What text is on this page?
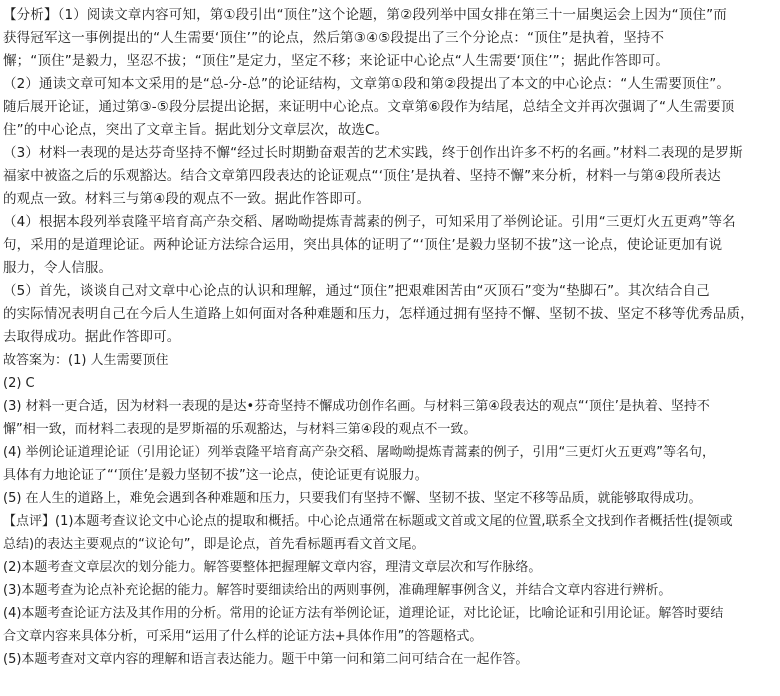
【分析】（1）阅读文章内容可知，第①段引出“顶住”这个论题，第②段列举中国女排在第三十一届奥运会上因为“顶住”而
获得冠军这一事例提出的“人生需要‘顶住’”的论点，然后第③④⑤段提出了三个分论点：“顶住”是执着，坚持不
懈；“顶住”是毅力，坚忍不拔；“顶住”是定力，坚定不移；来论证中心论点“人生需要‘顶住’”；据此作答即可。
（2）通读文章可知本文采用的是“总-分-总”的论证结构，文章第①段和第②段提出了本文的中心论点：“人生需要顶住”。
随后展开论证，通过第③-⑤段分层提出论据，来证明中心论点。文章第⑥段作为结尾，总结全文并再次强调了“人生需要顶
住”的中心论点，突出了文章主旨。据此划分文章层次，故选C。
（3）材料一表现的是达芬奇坚持不懈“经过长时期勤奋艰苦的艺术实践，终于创作出许多不朽的名画。”材料二表现的是罗斯
福家中被盗之后的乐观豁达。结合文章第四段表达的论证观点“‘顶住’是执着、坚持不懈”来分析，材料一与第④段所表达
的观点一致。材料三与第④段的观点不一致。据此作答即可。
（4）根据本段列举袁隆平培育高产杂交稻、屠呦呦提炼青蒿素的例子，可知采用了举例论证。引用“三更灯火五更鸡”等名
句，采用的是道理论证。两种论证方法综合运用，突出具体的证明了“‘顶住’是毅力坚韧不拔”这一论点，使论证更加有说
服力，令人信服。
（5）首先，谈谈自己对文章中心论点的认识和理解，通过“顶住”把艰难困苦由“灭顶石”变为“垫脚石”。其次结合自己
的实际情况表明自己在今后人生道路上如何面对各种难题和压力，怎样通过拥有坚持不懈、坚韧不拔、坚定不移等优秀品质，
去取得成功。据此作答即可。
故答案为：(1) 人生需要顶住
(2) C
(3) 材料一更合适，因为材料一表现的是达•芬奇坚持不懈成功创作名画。与材料三第④段表达的观点“‘顶住’是执着、坚持不
懈”相一致，而材料二表现的是罗斯福的乐观豁达，与材料三第④段的观点不一致。
(4) 举例论证道理论证（引用论证）列举袁隆平培育高产杂交稻、屠呦呦提炼青蒿素的例子，引用“三更灯火五更鸡”等名句，
具体有力地论证了“‘顶住’是毅力坚韧不拔”这一论点，使论证更有说服力。
(5) 在人生的道路上，难免会遇到各种难题和压力，只要我们有坚持不懈、坚韧不拔、坚定不移等品质，就能够取得成功。
【点评】(1)本题考查议论文中心论点的提取和概括。中心论点通常在标题或文首或文尾的位置,联系全文找到作者概括性(提领或
总结)的表达主要观点的“议论句”，即是论点，首先看标题再看文首文尾。
(2)本题考查文章层次的划分能力。解答要整体把握理解文章内容，理清文章层次和写作脉络。
(3)本题考查为论点补充论据的能力。解答时要细读给出的两则事例，准确理解事例含义，并结合文章内容进行辨析。
(4)本题考查论证方法及其作用的分析。常用的论证方法有举例论证，道理论证，对比论证，比喻论证和引用论证。解答时要结
合文章内容来具体分析，可采用“运用了什么样的论证方法+具体作用”的答题格式。
(5)本题考查对文章内容的理解和语言表达能力。题干中第一问和第二问可结合在一起作答。
